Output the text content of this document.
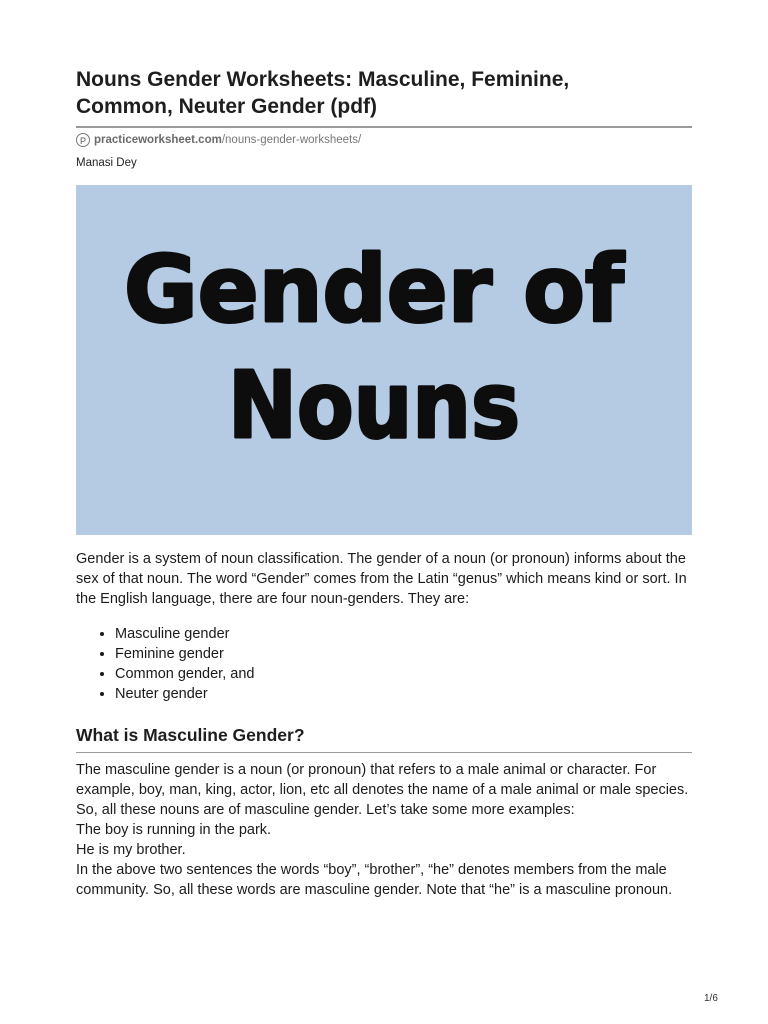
Nouns Gender Worksheets: Masculine, Feminine,
Common, Neuter Gender (pdf)
P practiceworksheet.com /nouns-gender-worksheets/
Manasi Dey
Gender of
Nouns

Gender is a system of noun classification. The gender of a noun (or pronoun) informs about the sex of that noun. The word “Gender” comes from the Latin “genus” which means kind or sort. In the English language, there are four noun-genders. They are:

• Masculine gender
• Feminine gender
• Common gender, and
• Neuter gender
What is Masculine Gender?
The masculine gender is a noun (or pronoun) that refers to a male animal or character. For example, boy, man, king, actor, lion, etc all denotes the name of a male animal or male species. So, all these nouns are of masculine gender. Let’s take some more examples:
The boy is running in the park.
He is my brother.
In the above two sentences the words “boy”, “brother”, “he” denotes members from the male community. So, all these words are masculine gender. Note that “he” is a masculine pronoun.
1/6
